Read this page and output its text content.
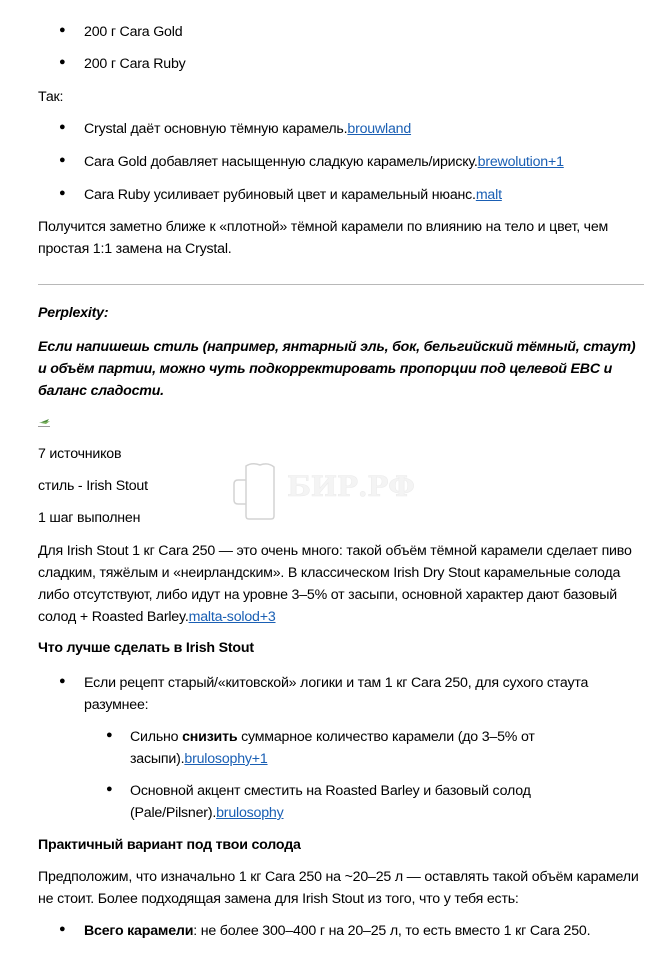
● 200 г Cara Gold
● 200 г Cara Ruby

Так:

● Crystal даёт основную тёмную карамель.brouwland
● Cara Gold добавляет насыщенную сладкую карамель/ириску.brewolution+1
● Cara Ruby усиливает рубиновый цвет и карамельный нюанс.malt

Получится заметно ближе к «плотной» тёмной карамели по влиянию на тело и цвет, чем простая 1:1 замена на Crystal.

Perplexity:

Если напишешь стиль (например, янтарный эль, бок, бельгийский тёмный, стаут) и объём партии, можно чуть подкорректировать пропорции под целевой EBC и баланс сладости.

7 источников

стиль - Irish Stout

1 шаг выполнен

БИР.РФ

Для Irish Stout 1 кг Cara 250 — это очень много: такой объём тёмной карамели сделает пиво сладким, тяжёлым и «неирландским». В классическом Irish Dry Stout карамельные солода либо отсутствуют, либо идут на уровне 3–5% от засыпи, основной характер дают базовый солод + Roasted Barley.malta-solod+3

Что лучше сделать в Irish Stout

● Если рецепт старый/«китовской» логики и там 1 кг Cara 250, для сухого стаута разумнее:
● Сильно снизить суммарное количество карамели (до 3–5% от засыпи).brulosophy+1
● Основной акцент сместить на Roasted Barley и базовый солод (Pale/Pilsner).brulosophy

Практичный вариант под твои солода

Предположим, что изначально 1 кг Cara 250 на ~20–25 л — оставлять такой объём карамели не стоит. Более подходящая замена для Irish Stout из того, что у тебя есть:

● Всего карамели: не более 300–400 г на 20–25 л, то есть вместо 1 кг Cara 250.
